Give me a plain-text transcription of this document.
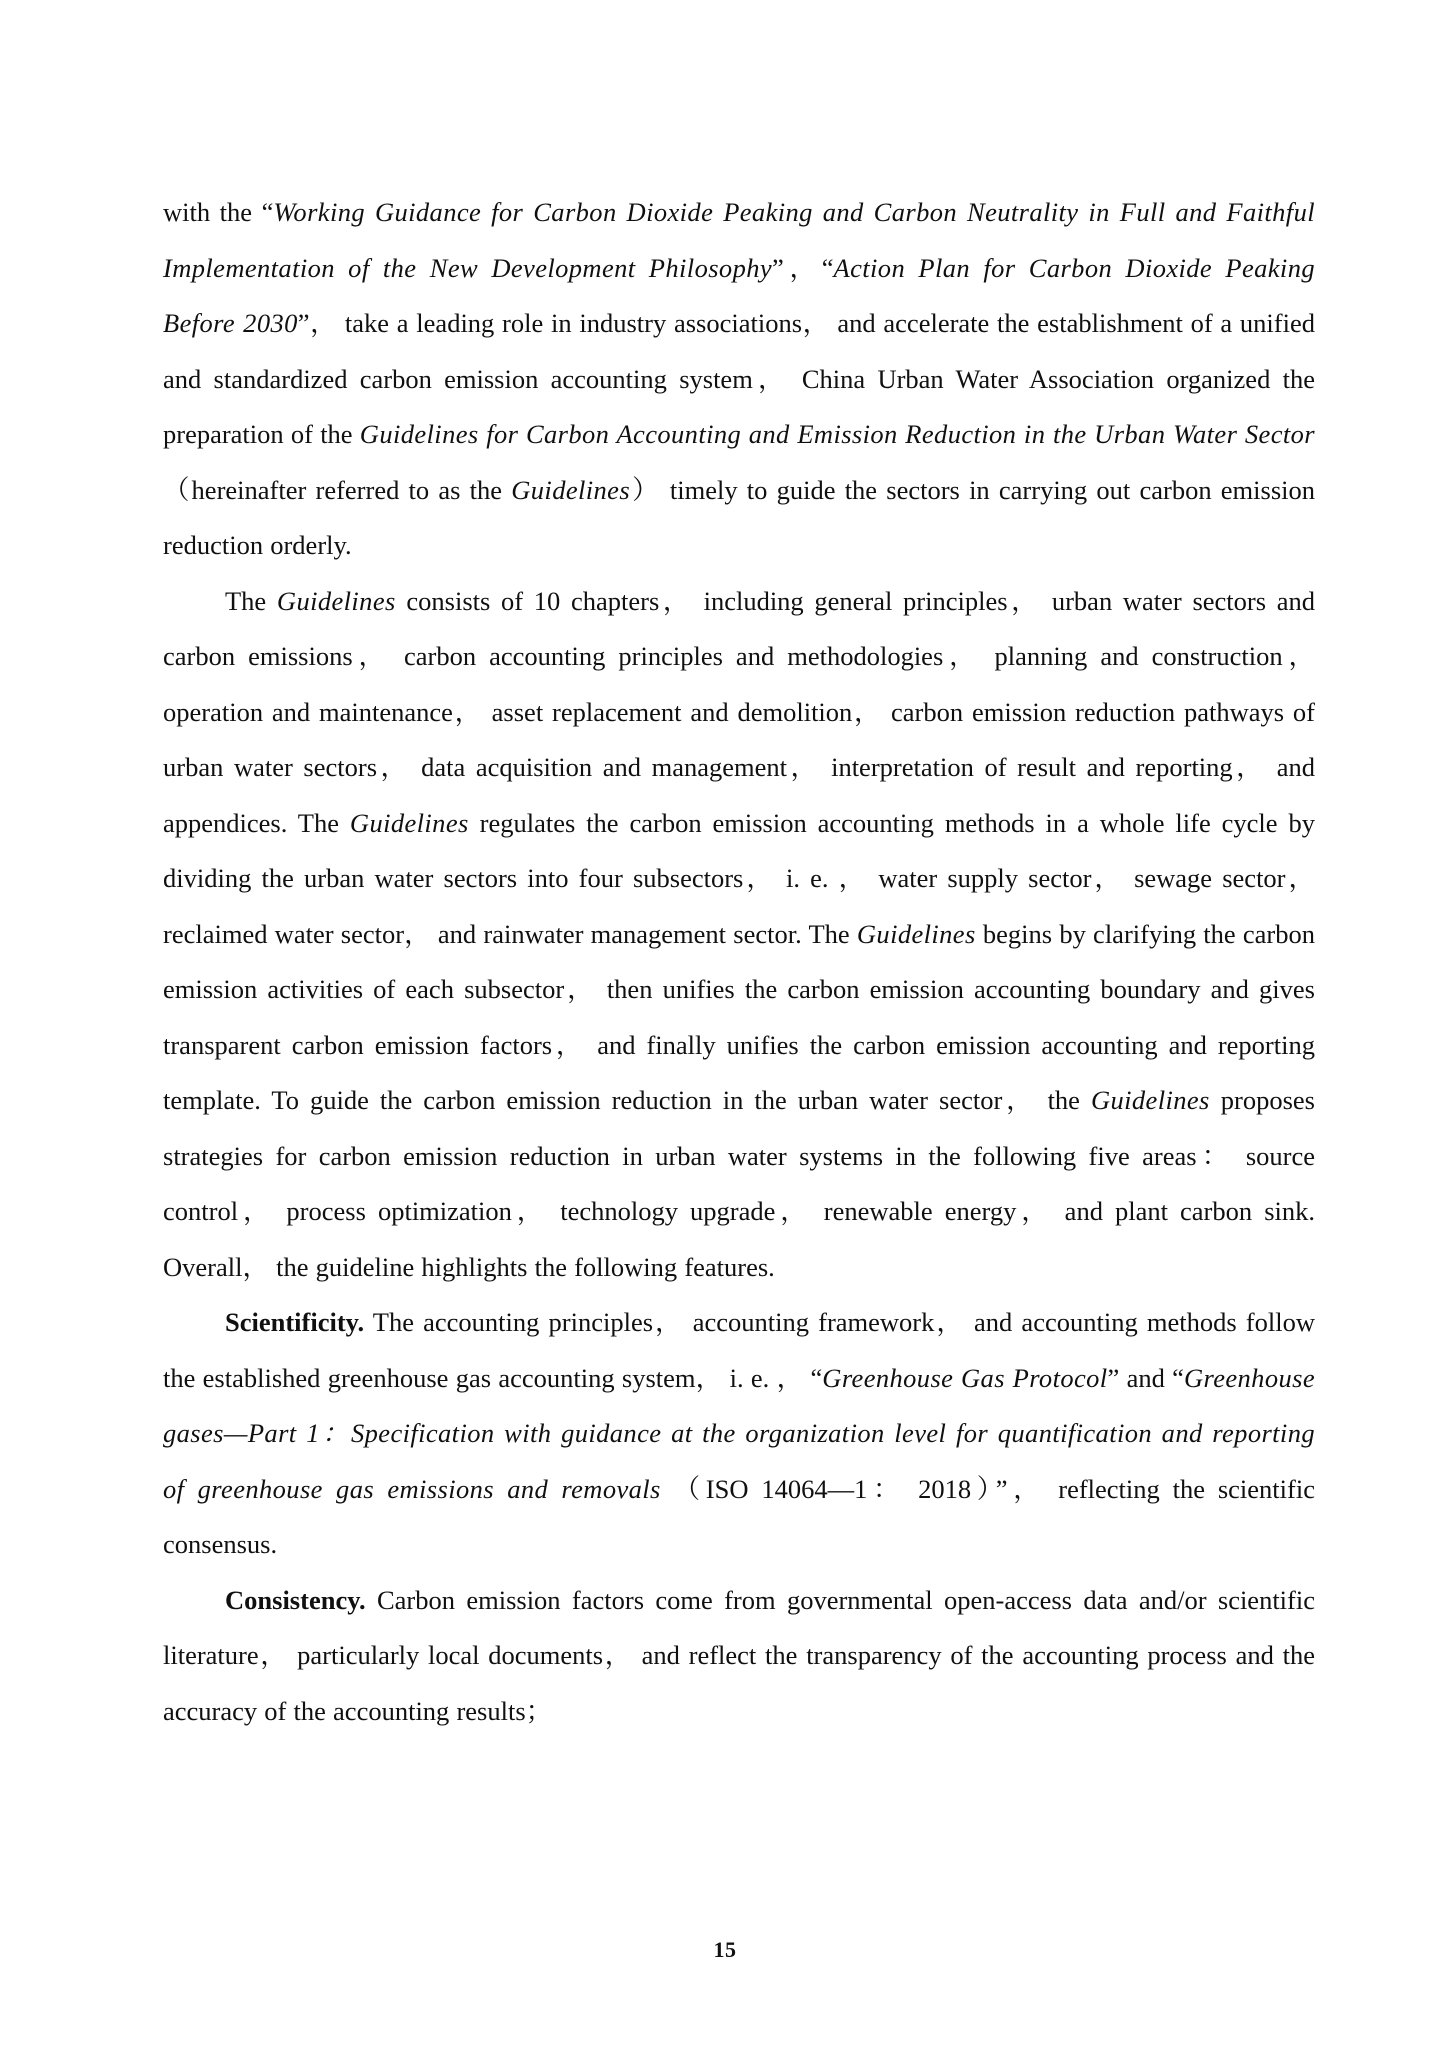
with the “Working Guidance for Carbon Dioxide Peaking and Carbon Neutrality in Full and Faithful Implementation of the New Development Philosophy”，“Action Plan for Carbon Dioxide Peaking Before 2030”， take a leading role in industry associations， and accelerate the establishment of a unified and standardized carbon emission accounting system， China Urban Water Association organized the preparation of the Guidelines for Carbon Accounting and Emission Reduction in the Urban Water Sector （hereinafter referred to as the Guidelines） timely to guide the sectors in carrying out carbon emission reduction orderly.

The Guidelines consists of 10 chapters， including general principles， urban water sectors and carbon emissions， carbon accounting principles and methodologies， planning and construction， operation and maintenance， asset replacement and demolition， carbon emission reduction pathways of urban water sectors， data acquisition and management， interpretation of result and reporting， and appendices. The Guidelines regulates the carbon emission accounting methods in a whole life cycle by dividing the urban water sectors into four subsectors， i. e. ， water supply sector， sewage sector， reclaimed water sector， and rainwater management sector. The Guidelines begins by clarifying the carbon emission activities of each subsector， then unifies the carbon emission accounting boundary and gives transparent carbon emission factors， and finally unifies the carbon emission accounting and reporting template. To guide the carbon emission reduction in the urban water sector， the Guidelines proposes strategies for carbon emission reduction in urban water systems in the following five areas： source control， process optimization， technology upgrade， renewable energy， and plant carbon sink. Overall， the guideline highlights the following features.

Scientificity. The accounting principles， accounting framework， and accounting methods follow the established greenhouse gas accounting system， i. e. ， “Greenhouse Gas Protocol” and “Greenhouse gases—Part 1：Specification with guidance at the organization level for quantification and reporting of greenhouse gas emissions and removals （ISO 14064—1： 2018）”， reflecting the scientific consensus.

Consistency. Carbon emission factors come from governmental open-access data and/or scientific literature， particularly local documents， and reflect the transparency of the accounting process and the accuracy of the accounting results；

15
